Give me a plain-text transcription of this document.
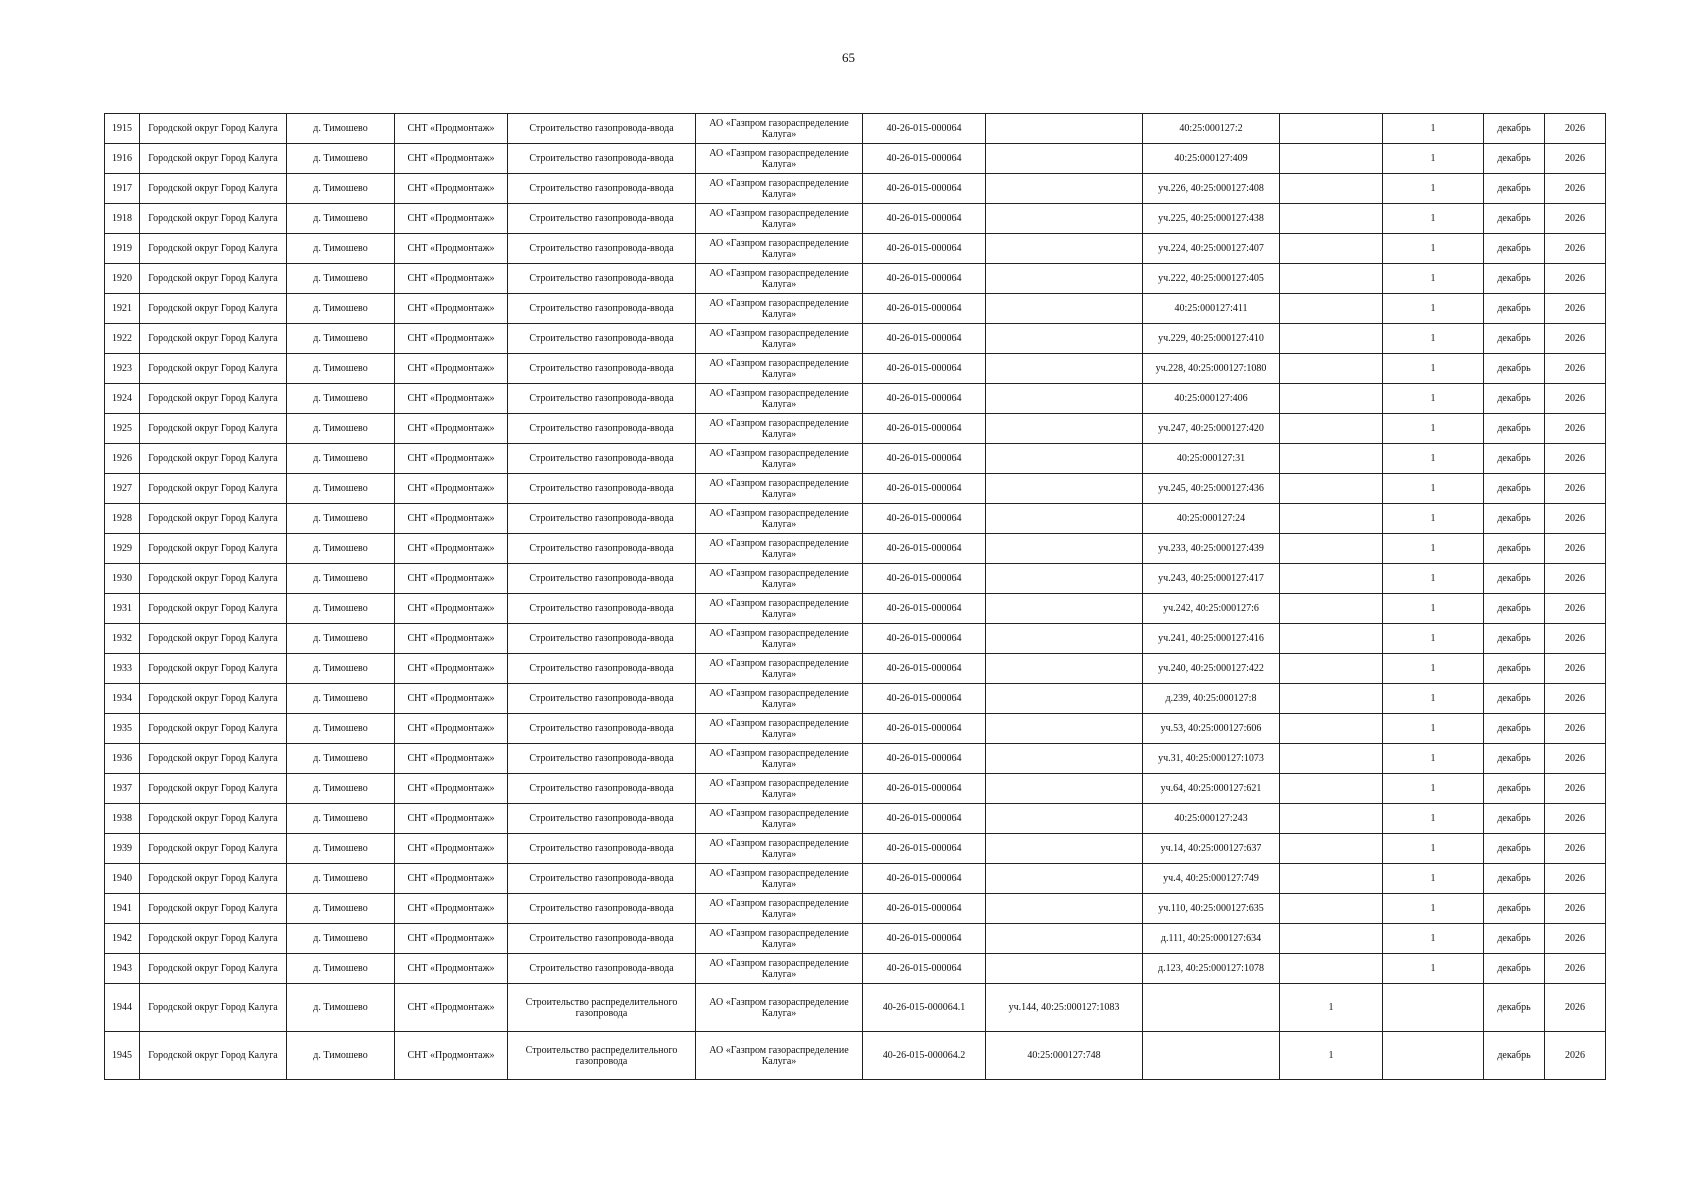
65
1915	Городской округ Город Калуга	д. Тимошево	СНТ «Продмонтаж»	Строительство газопровода-ввода	АО «Газпром газораспределение Калуга»	40-26-015-000064		40:25:000127:2		1	декабрь	2026
1916	Городской округ Город Калуга	д. Тимошево	СНТ «Продмонтаж»	Строительство газопровода-ввода	АО «Газпром газораспределение Калуга»	40-26-015-000064		40:25:000127:409		1	декабрь	2026
1917	Городской округ Город Калуга	д. Тимошево	СНТ «Продмонтаж»	Строительство газопровода-ввода	АО «Газпром газораспределение Калуга»	40-26-015-000064		уч.226, 40:25:000127:408		1	декабрь	2026
1918	Городской округ Город Калуга	д. Тимошево	СНТ «Продмонтаж»	Строительство газопровода-ввода	АО «Газпром газораспределение Калуга»	40-26-015-000064		уч.225, 40:25:000127:438		1	декабрь	2026
1919	Городской округ Город Калуга	д. Тимошево	СНТ «Продмонтаж»	Строительство газопровода-ввода	АО «Газпром газораспределение Калуга»	40-26-015-000064		уч.224, 40:25:000127:407		1	декабрь	2026
1920	Городской округ Город Калуга	д. Тимошево	СНТ «Продмонтаж»	Строительство газопровода-ввода	АО «Газпром газораспределение Калуга»	40-26-015-000064		уч.222, 40:25:000127:405		1	декабрь	2026
1921	Городской округ Город Калуга	д. Тимошево	СНТ «Продмонтаж»	Строительство газопровода-ввода	АО «Газпром газораспределение Калуга»	40-26-015-000064		40:25:000127:411		1	декабрь	2026
1922	Городской округ Город Калуга	д. Тимошево	СНТ «Продмонтаж»	Строительство газопровода-ввода	АО «Газпром газораспределение Калуга»	40-26-015-000064		уч.229, 40:25:000127:410		1	декабрь	2026
1923	Городской округ Город Калуга	д. Тимошево	СНТ «Продмонтаж»	Строительство газопровода-ввода	АО «Газпром газораспределение Калуга»	40-26-015-000064		уч.228, 40:25:000127:1080		1	декабрь	2026
1924	Городской округ Город Калуга	д. Тимошево	СНТ «Продмонтаж»	Строительство газопровода-ввода	АО «Газпром газораспределение Калуга»	40-26-015-000064		40:25:000127:406		1	декабрь	2026
1925	Городской округ Город Калуга	д. Тимошево	СНТ «Продмонтаж»	Строительство газопровода-ввода	АО «Газпром газораспределение Калуга»	40-26-015-000064		уч.247, 40:25:000127:420		1	декабрь	2026
1926	Городской округ Город Калуга	д. Тимошево	СНТ «Продмонтаж»	Строительство газопровода-ввода	АО «Газпром газораспределение Калуга»	40-26-015-000064		40:25:000127:31		1	декабрь	2026
1927	Городской округ Город Калуга	д. Тимошево	СНТ «Продмонтаж»	Строительство газопровода-ввода	АО «Газпром газораспределение Калуга»	40-26-015-000064		уч.245, 40:25:000127:436		1	декабрь	2026
1928	Городской округ Город Калуга	д. Тимошево	СНТ «Продмонтаж»	Строительство газопровода-ввода	АО «Газпром газораспределение Калуга»	40-26-015-000064		40:25:000127:24		1	декабрь	2026
1929	Городской округ Город Калуга	д. Тимошево	СНТ «Продмонтаж»	Строительство газопровода-ввода	АО «Газпром газораспределение Калуга»	40-26-015-000064		уч.233, 40:25:000127:439		1	декабрь	2026
1930	Городской округ Город Калуга	д. Тимошево	СНТ «Продмонтаж»	Строительство газопровода-ввода	АО «Газпром газораспределение Калуга»	40-26-015-000064		уч.243, 40:25:000127:417		1	декабрь	2026
1931	Городской округ Город Калуга	д. Тимошево	СНТ «Продмонтаж»	Строительство газопровода-ввода	АО «Газпром газораспределение Калуга»	40-26-015-000064		уч.242, 40:25:000127:6		1	декабрь	2026
1932	Городской округ Город Калуга	д. Тимошево	СНТ «Продмонтаж»	Строительство газопровода-ввода	АО «Газпром газораспределение Калуга»	40-26-015-000064		уч.241, 40:25:000127:416		1	декабрь	2026
1933	Городской округ Город Калуга	д. Тимошево	СНТ «Продмонтаж»	Строительство газопровода-ввода	АО «Газпром газораспределение Калуга»	40-26-015-000064		уч.240, 40:25:000127:422		1	декабрь	2026
1934	Городской округ Город Калуга	д. Тимошево	СНТ «Продмонтаж»	Строительство газопровода-ввода	АО «Газпром газораспределение Калуга»	40-26-015-000064		д.239, 40:25:000127:8		1	декабрь	2026
1935	Городской округ Город Калуга	д. Тимошево	СНТ «Продмонтаж»	Строительство газопровода-ввода	АО «Газпром газораспределение Калуга»	40-26-015-000064		уч.53, 40:25:000127:606		1	декабрь	2026
1936	Городской округ Город Калуга	д. Тимошево	СНТ «Продмонтаж»	Строительство газопровода-ввода	АО «Газпром газораспределение Калуга»	40-26-015-000064		уч.31, 40:25:000127:1073		1	декабрь	2026
1937	Городской округ Город Калуга	д. Тимошево	СНТ «Продмонтаж»	Строительство газопровода-ввода	АО «Газпром газораспределение Калуга»	40-26-015-000064		уч.64, 40:25:000127:621		1	декабрь	2026
1938	Городской округ Город Калуга	д. Тимошево	СНТ «Продмонтаж»	Строительство газопровода-ввода	АО «Газпром газораспределение Калуга»	40-26-015-000064		40:25:000127:243		1	декабрь	2026
1939	Городской округ Город Калуга	д. Тимошево	СНТ «Продмонтаж»	Строительство газопровода-ввода	АО «Газпром газораспределение Калуга»	40-26-015-000064		уч.14, 40:25:000127:637		1	декабрь	2026
1940	Городской округ Город Калуга	д. Тимошево	СНТ «Продмонтаж»	Строительство газопровода-ввода	АО «Газпром газораспределение Калуга»	40-26-015-000064		уч.4, 40:25:000127:749		1	декабрь	2026
1941	Городской округ Город Калуга	д. Тимошево	СНТ «Продмонтаж»	Строительство газопровода-ввода	АО «Газпром газораспределение Калуга»	40-26-015-000064		уч.110, 40:25:000127:635		1	декабрь	2026
1942	Городской округ Город Калуга	д. Тимошево	СНТ «Продмонтаж»	Строительство газопровода-ввода	АО «Газпром газораспределение Калуга»	40-26-015-000064		д.111, 40:25:000127:634		1	декабрь	2026
1943	Городской округ Город Калуга	д. Тимошево	СНТ «Продмонтаж»	Строительство газопровода-ввода	АО «Газпром газораспределение Калуга»	40-26-015-000064		д.123, 40:25:000127:1078		1	декабрь	2026
1944	Городской округ Город Калуга	д. Тимошево	СНТ «Продмонтаж»	Строительство распределительного газопровода	АО «Газпром газораспределение Калуга»	40-26-015-000064.1	уч.144, 40:25:000127:1083		1		декабрь	2026
1945	Городской округ Город Калуга	д. Тимошево	СНТ «Продмонтаж»	Строительство распределительного газопровода	АО «Газпром газораспределение Калуга»	40-26-015-000064.2	40:25:000127:748		1		декабрь	2026
